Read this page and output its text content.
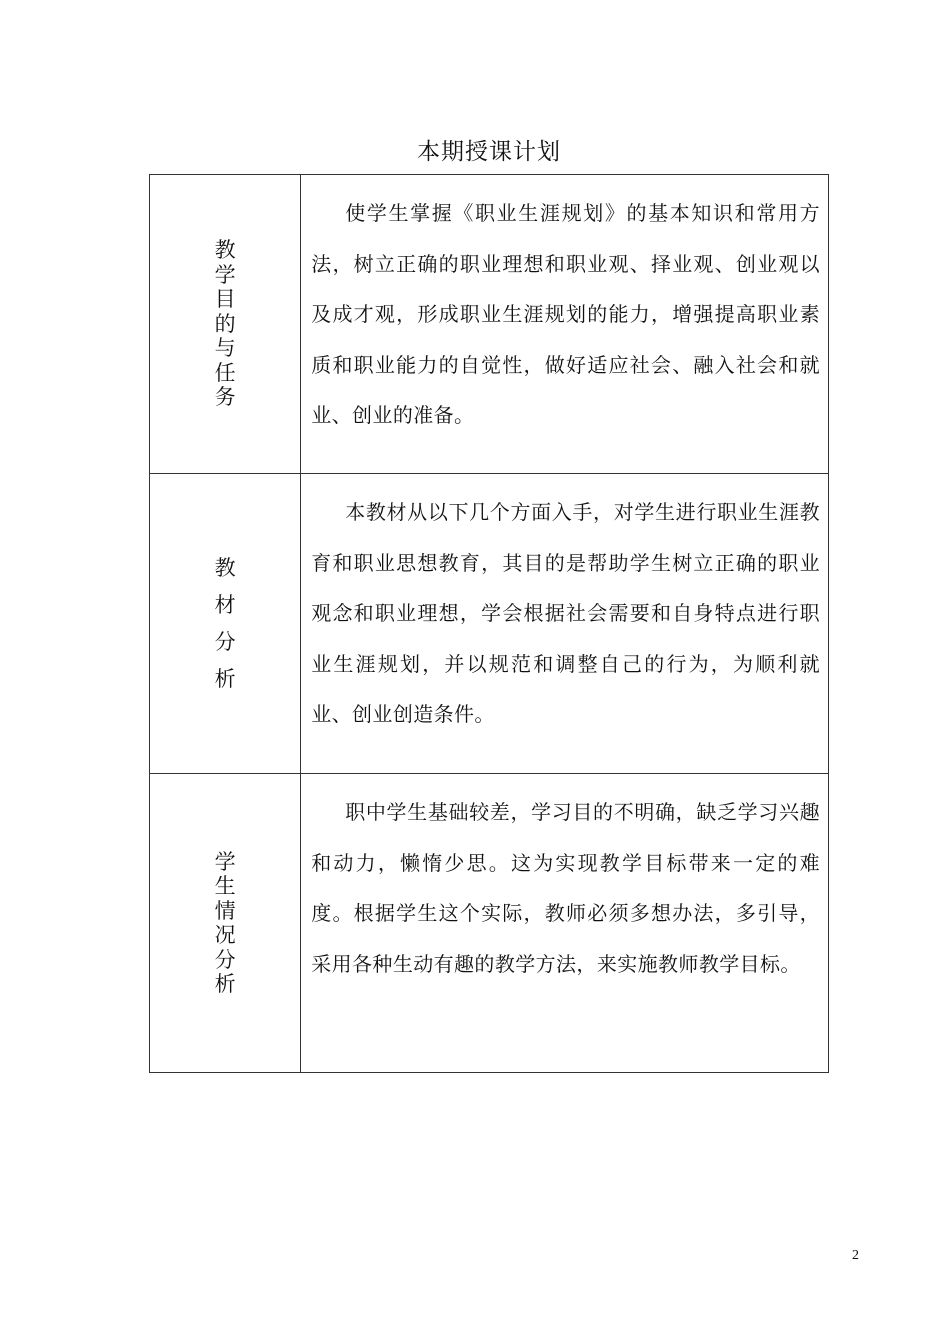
本期授课计划
教学目的与任务	使学生掌握《职业生涯规划》的基本知识和常用方法，树立正确的职业理想和职业观、择业观、创业观以及成才观，形成职业生涯规划的能力，增强提高职业素质和职业能力的自觉性，做好适应社会、融入社会和就业、创业的准备。

教材分析	本教材从以下几个方面入手，对学生进行职业生涯教育和职业思想教育，其目的是帮助学生树立正确的职业观念和职业理想，学会根据社会需要和自身特点进行职业生涯规划，并以规范和调整自己的行为，为顺利就业、创业创造条件。

学生情况分析	职中学生基础较差，学习目的不明确，缺乏学习兴趣和动力，懒惰少思。这为实现教学目标带来一定的难度。根据学生这个实际，教师必须多想办法，多引导，采用各种生动有趣的教学方法，来实施教师教学目标。

2
